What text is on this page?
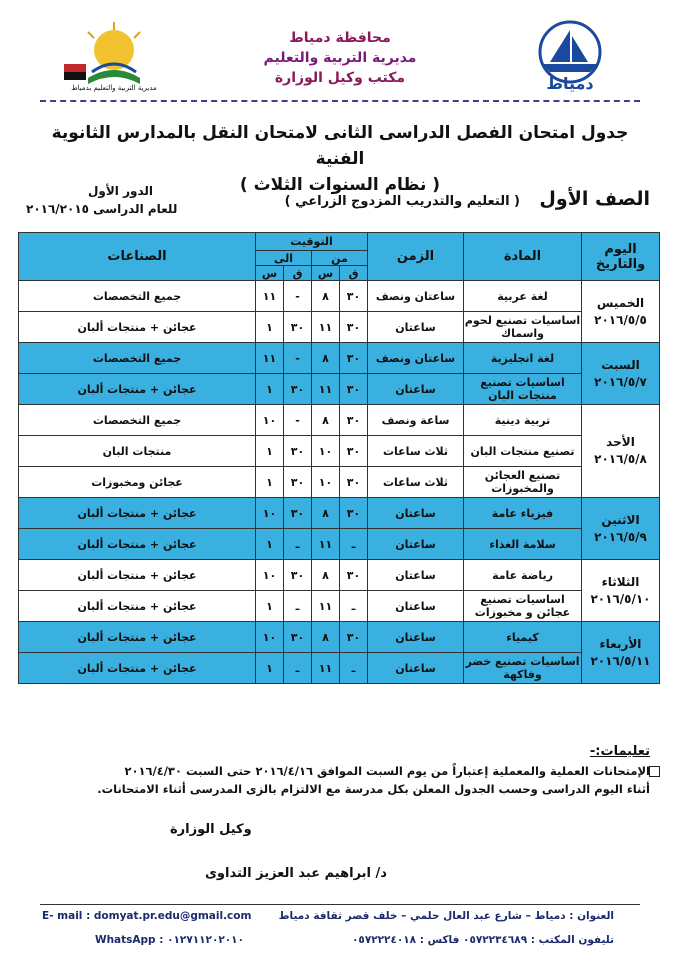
مديرية التربية والتعليم بدمياط
محافظة دمياط
مديرية التربية والتعليم
مكتب وكيل الوزارة	دمياط
جدول امتحان الفصل الدراسى الثانى لامتحان النقل بالمدارس الثانوية الفنية
( نظام السنوات الثلاث )
الصف الأول
( التعليم والتدريب المزدوج الزراعي )
الدور الأول
للعام الدراسى ٢٠١٦/٢٠١٥
اليوم والتاريخ	المادة	الزمن	التوقيت				الصناعات
			من		الى		
			ق	س	ق	س	

الخميس
٢٠١٦/٥/٥	لغة عربية	ساعتان ونصف	٣٠	٨	-	١١	جميع التخصصات
	اساسيات تصنيع لحوم واسماك	ساعتان	٣٠	١١	٣٠	١	عجائن + منتجات ألبان

السبت
٢٠١٦/٥/٧	لغة انجليزية	ساعتان ونصف	٣٠	٨	-	١١	جميع التخصصات
	اساسيات تصنيع منتجات البان	ساعتان	٣٠	١١	٣٠	١	عجائن + منتجات ألبان

الأحد
٢٠١٦/٥/٨	تربية دينية	ساعة ونصف	٣٠	٨	-	١٠	جميع التخصصات
	تصنيع منتجات البان	ثلاث ساعات	٣٠	١٠	٣٠	١	منتجات البان
	تصنيع العجائن والمخبوزات	ثلاث ساعات	٣٠	١٠	٣٠	١	عجائن ومخبوزات

الاثنين
٢٠١٦/٥/٩	فيزياء عامة	ساعتان	٣٠	٨	٣٠	١٠	عجائن + منتجات ألبان
	سلامة الغذاء	ساعتان	ـ	١١	ـ	١	عجائن + منتجات ألبان

الثلاثاء
٢٠١٦/٥/١٠	رياضة عامة	ساعتان	٣٠	٨	٣٠	١٠	عجائن + منتجات ألبان
	اساسيات تصنيع عجائن و مخبوزات	ساعتان	ـ	١١	ـ	١	عجائن + منتجات ألبان

الأربعاء
٢٠١٦/٥/١١	كيمياء	ساعتان	٣٠	٨	٣٠	١٠	عجائن + منتجات ألبان
	اساسيات تصنيع خضر وفاكهة	ساعتان	ـ	١١	ـ	١	عجائن + منتجات ألبان
تعليمات:-
الإمتحانات العملية والمعملية إعتباراً من يوم السبت الموافق ٢٠١٦/٤/١٦ حتى السبت ٢٠١٦/٤/٣٠
أثناء اليوم الدراسى وحسب الجدول المعلن بكل مدرسة مع الالتزام بالزى المدرسى أثناء الامتحانات.
وكيل الوزارة
د/ ابراهيم عبد العزيز التداوى
العنوان : دمياط – شارع عبد العال حلمي – خلف قصر ثقافة دمياط
تليفون المكتب : ٠٥٧٢٢٣٤٦٨٩ فاكس : ٠٥٧٢٢٢٤٠١٨
E- mail : domyat.pr.edu@gmail.com
WhatsApp : ٠١٢٧١١٢٠٢٠١٠
